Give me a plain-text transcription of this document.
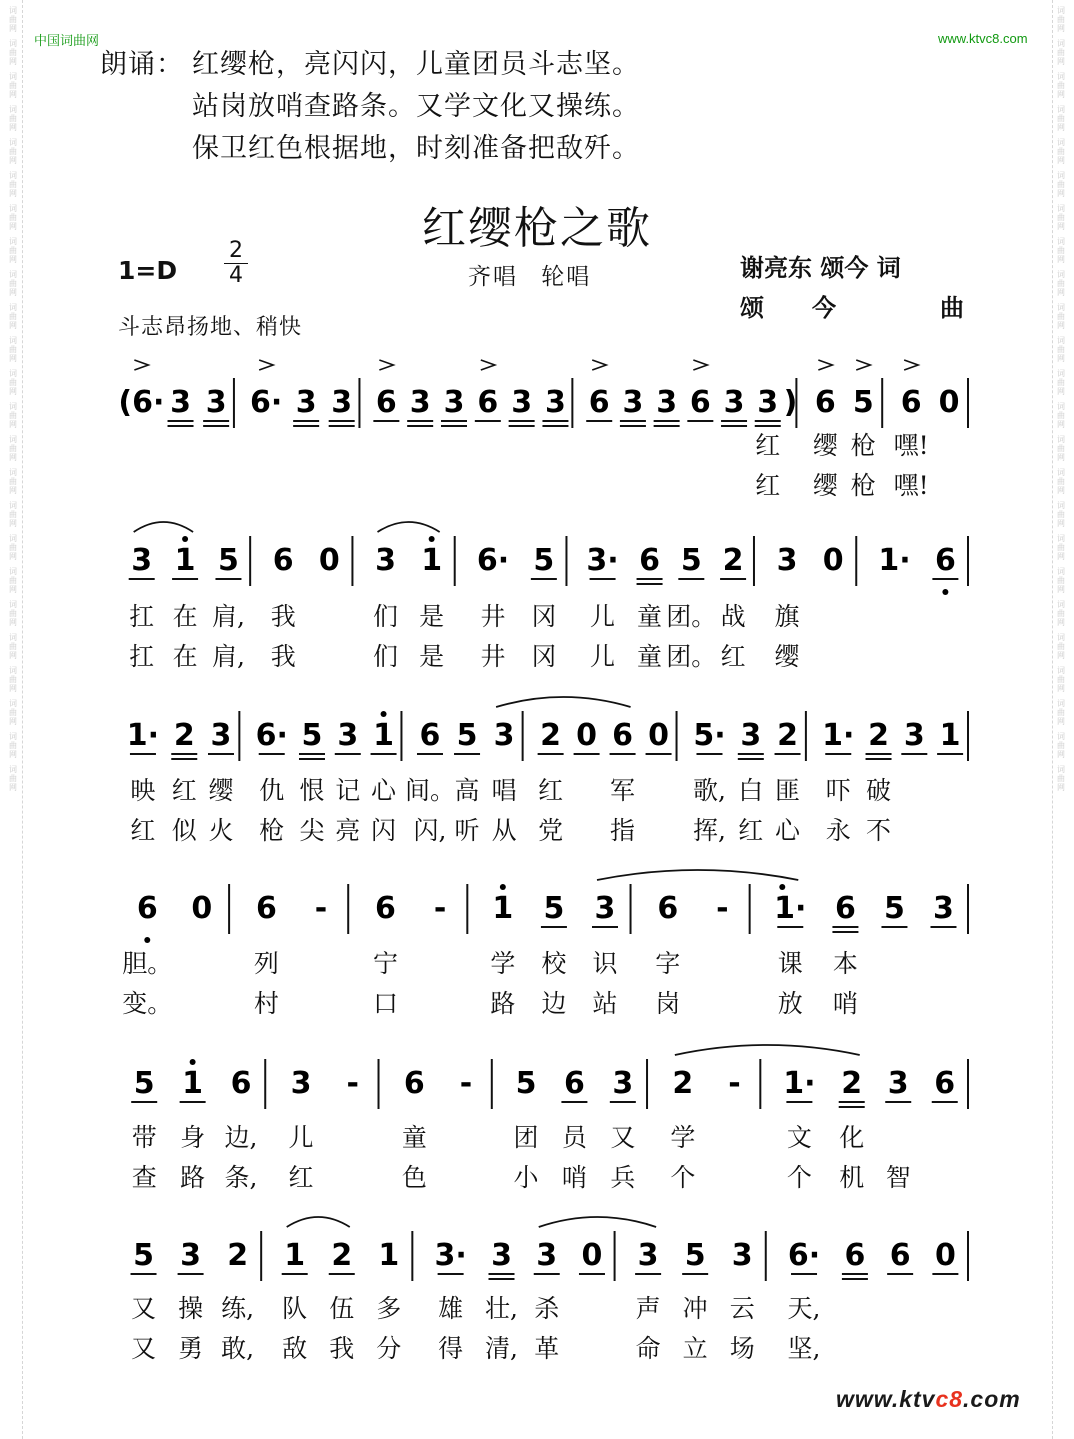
词曲网
词曲网
词曲网
词曲网
词曲网
词曲网
词曲网
词曲网
词曲网
词曲网
词曲网
词曲网
词曲网
词曲网
词曲网
词曲网
词曲网
词曲网
词曲网
词曲网
词曲网
词曲网
词曲网
词曲网
词曲网
词曲网
词曲网
词曲网
词曲网
词曲网
词曲网
词曲网
词曲网
词曲网
词曲网
词曲网
词曲网
词曲网
词曲网
词曲网
词曲网
词曲网
词曲网
词曲网
词曲网
词曲网
词曲网
词曲网
中国词曲网	www.ktvc8.com
www.ktvc8.com
朗诵： 红缨枪，亮闪闪，儿童团员斗志坚。
站岗放哨查路条。又学文化又操练。
保卫红色根据地，时刻准备把敌歼。
红缨枪之歌
1=D
2
4	齐唱 轮唱	谢亮东 颂今 词
颂　　今	曲
斗志昂扬地、稍快
(6· 3 3 6· 3 3 6 3 3 6 3 3 6 3 3 6 3 3 ) 6 5 6 0
3 1 5 6 0 3 1 6· 5 3· 6 5 2 3 0 1· 6
1· 2 3 6· 5 3 1 6 5 3 2 0 6 0 5· 3 2 1· 2 3 1
6 0 6 - 6 - 1 5 3 6 - 1· 6 5 3
5 1 6 3 - 6 - 5 6 3 2 - 1· 2 3 6
5 3 2 1 2 1 3· 3 3 0 3 5 3 6· 6 6 0
红 缨 枪 嘿!
红 缨 枪 嘿!
扛 在 肩, 我	们 是 井 冈 儿 童 团。 战 旗
扛 在 肩, 我	们 是 井 冈 儿 童 团。 红 缨
映 红 缨 仇 恨 记 心 间。 高 唱 红 军 歌, 白 匪 吓 破
红 似 火 枪 尖 亮 闪 闪, 听 从 党 指 挥, 红 心 永 不
胆。	列	宁	学 校 识 字	课 本
变。	村	口	路 边 站 岗	放 哨
带 身 边, 儿	童	团 员 又 学	文 化
查 路 条, 红	色	小 哨 兵 个	个 机 智
又 操 练, 队 伍 多 雄 壮, 杀	声 冲 云 天,
又 勇 敢, 敌 我 分 得 清, 革	命 立 场 坚,
